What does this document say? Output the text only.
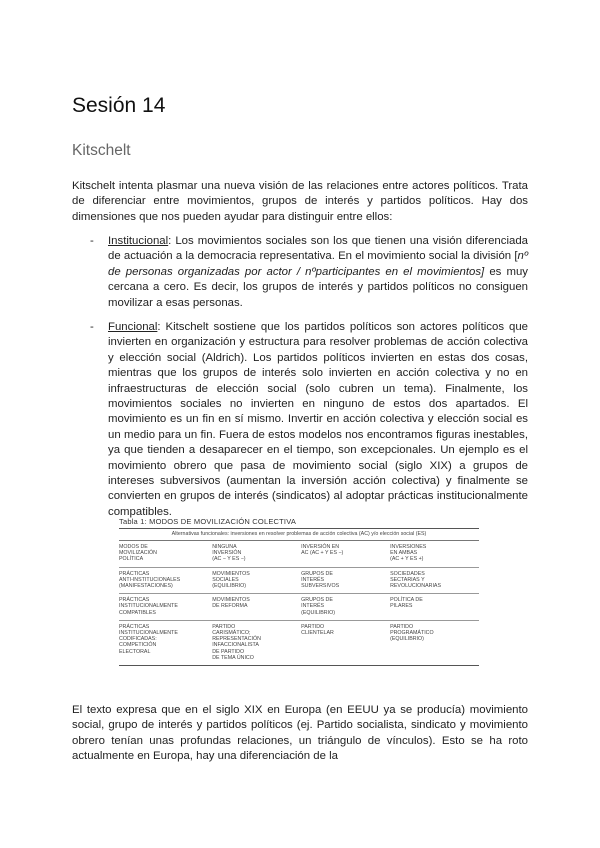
Sesión 14
Kitschelt

Kitschelt intenta plasmar una nueva visión de las relaciones entre actores políticos. Trata de diferenciar entre movimientos, grupos de interés y partidos políticos. Hay dos dimensiones que nos pueden ayudar para distinguir entre ellos:

- Institucional: Los movimientos sociales son los que tienen una visión diferenciada de actuación a la democracia representativa. En el movimiento social la división [nº de personas organizadas por actor / nºparticipantes en el movimientos] es muy cercana a cero. Es decir, los grupos de interés y partidos políticos no consiguen movilizar a esas personas.

- Funcional: Kitschelt sostiene que los partidos políticos son actores políticos que invierten en organización y estructura para resolver problemas de acción colectiva y elección social (Aldrich). Los partidos políticos invierten en estas dos cosas, mientras que los grupos de interés solo invierten en acción colectiva y no en infraestructuras de elección social (solo cubren un tema). Finalmente, los movimientos sociales no invierten en ninguno de estos dos apartados. El movimiento es un fin en sí mismo. Invertir en acción colectiva y elección social es un medio para un fin. Fuera de estos modelos nos encontramos figuras inestables, ya que tienden a desaparecer en el tiempo, son excepcionales. Un ejemplo es el movimiento obrero que pasa de movimiento social (siglo XIX) a grupos de intereses subversivos (aumentan la inversión acción colectiva) y finalmente se convierten en grupos de interés (sindicatos) al adoptar prácticas institucionalmente compatibles.

Tabla 1: MODOS DE MOVILIZACIÓN COLECTIVA
Alternativas funcionales: inversiones en resolver problemas de acción colectiva (AC) y/o elección social (ES)
MODOS DE
MOVILIZACIÓN
POLÍTICA
NINGUNA
INVERSIÓN
(AC − Y ES −)
INVERSIÓN EN
AC (AC + Y ES −)
INVERSIONES
EN AMBAS
(AC + Y ES +)
PRÁCTICAS
ANTI-INSTITUCIONALES
(MANIFESTACIONES)
MOVIMIENTOS
SOCIALES
(EQUILIBRIO)
GRUPOS DE
INTERÉS
SUBVERSIVOS
SOCIEDADES
SECTARIAS Y
REVOLUCIONARIAS
PRÁCTICAS
INSTITUCIONALMENTE
COMPATIBLES
MOVIMIENTOS
DE REFORMA
GRUPOS DE
INTERÉS
(EQUILIBRIO)
POLÍTICA DE
PILARES
PRÁCTICAS
INSTITUCIONALMENTE
CODIFICADAS:
COMPETICIÓN
ELECTORAL
PARTIDO
CARISMÁTICO;
REPRESENTACIÓN
INFACCIONALISTA
DE PARTIDO
DE TEMA ÚNICO
PARTIDO
CLIENTELAR
PARTIDO
PROGRAMÁTICO
(EQUILIBRIO)

El texto expresa que en el siglo XIX en Europa (en EEUU ya se producía) movimiento social, grupo de interés y partidos políticos (ej. Partido socialista, sindicato y movimiento obrero tenían unas profundas relaciones, un triángulo de vínculos). Esto se ha roto actualmente en Europa, hay una diferenciación de la
